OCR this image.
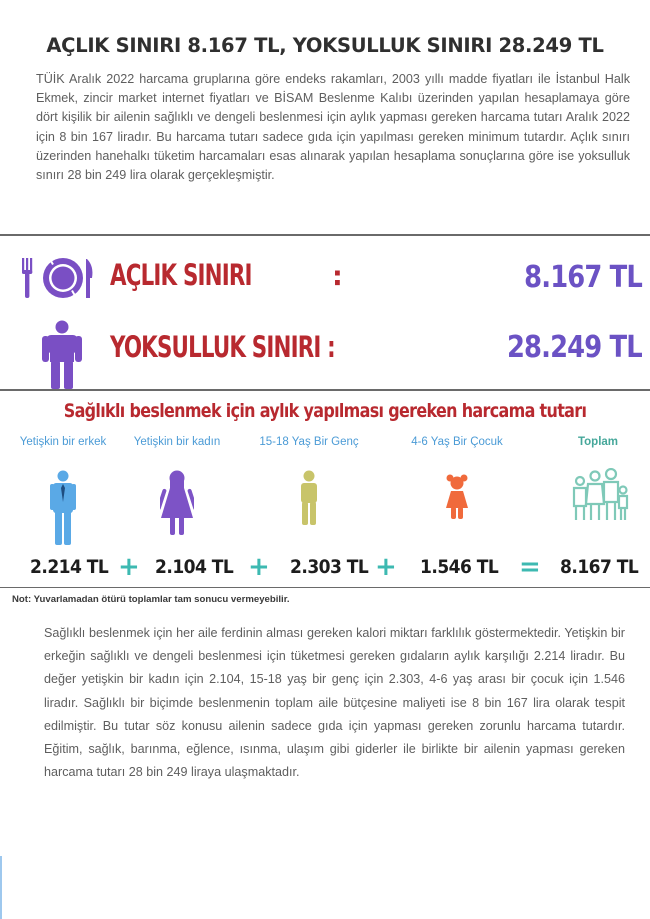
AÇLIK SINIRI 8.167 TL, YOKSULLUK SINIRI 28.249 TL
TÜİK Aralık 2022 harcama gruplarına göre endeks rakamları, 2003 yıllı madde fiyatları ile İstanbul Halk Ekmek, zincir market internet fiyatları ve BİSAM Beslenme Kalıbı üzerinden yapılan hesaplamaya göre dört kişilik bir ailenin sağlıklı ve dengeli beslenmesi için aylık yapması gereken harcama tutarı Aralık 2022 için 8 bin 167 liradır. Bu harcama tutarı sadece gıda için yapılması gereken minimum tutardır. Açlık sınırı üzerinden hanehalkı tüketim harcamaları esas alınarak yapılan hesaplama sonuçlarına göre ise yoksulluk sınırı 28 bin 249 lira olarak gerçekleşmiştir.
AÇLIK SINIRI	:	8.167 TL
YOKSULLUK SINIRI :	28.249 TL
Sağlıklı beslenmek için aylık yapılması gereken harcama tutarı
Yetişkin bir erkek	Yetişkin bir kadın	15-18 Yaş Bir Genç	4-6 Yaş Bir Çocuk	Toplam
2.214 TL + 2.104 TL + 2.303 TL + 1.546 TL = 8.167 TL
Not: Yuvarlamadan ötürü toplamlar tam sonucu vermeyebilir.
Sağlıklı beslenmek için her aile ferdinin alması gereken kalori miktarı farklılık göstermektedir. Yetişkin bir erkeğin sağlıklı ve dengeli beslenmesi için tüketmesi gereken gıdaların aylık karşılığı 2.214 liradır. Bu değer yetişkin bir kadın için 2.104, 15-18 yaş bir genç için 2.303, 4-6 yaş arası bir çocuk için 1.546 liradır. Sağlıklı bir biçimde beslenmenin toplam aile bütçesine maliyeti ise 8 bin 167 lira olarak tespit edilmiştir. Bu tutar söz konusu ailenin sadece gıda için yapması gereken zorunlu harcama tutardır. Eğitim, sağlık, barınma, eğlence, ısınma, ulaşım gibi giderler ile birlikte bir ailenin yapması gereken harcama tutarı 28 bin 249 liraya ulaşmaktadır.
